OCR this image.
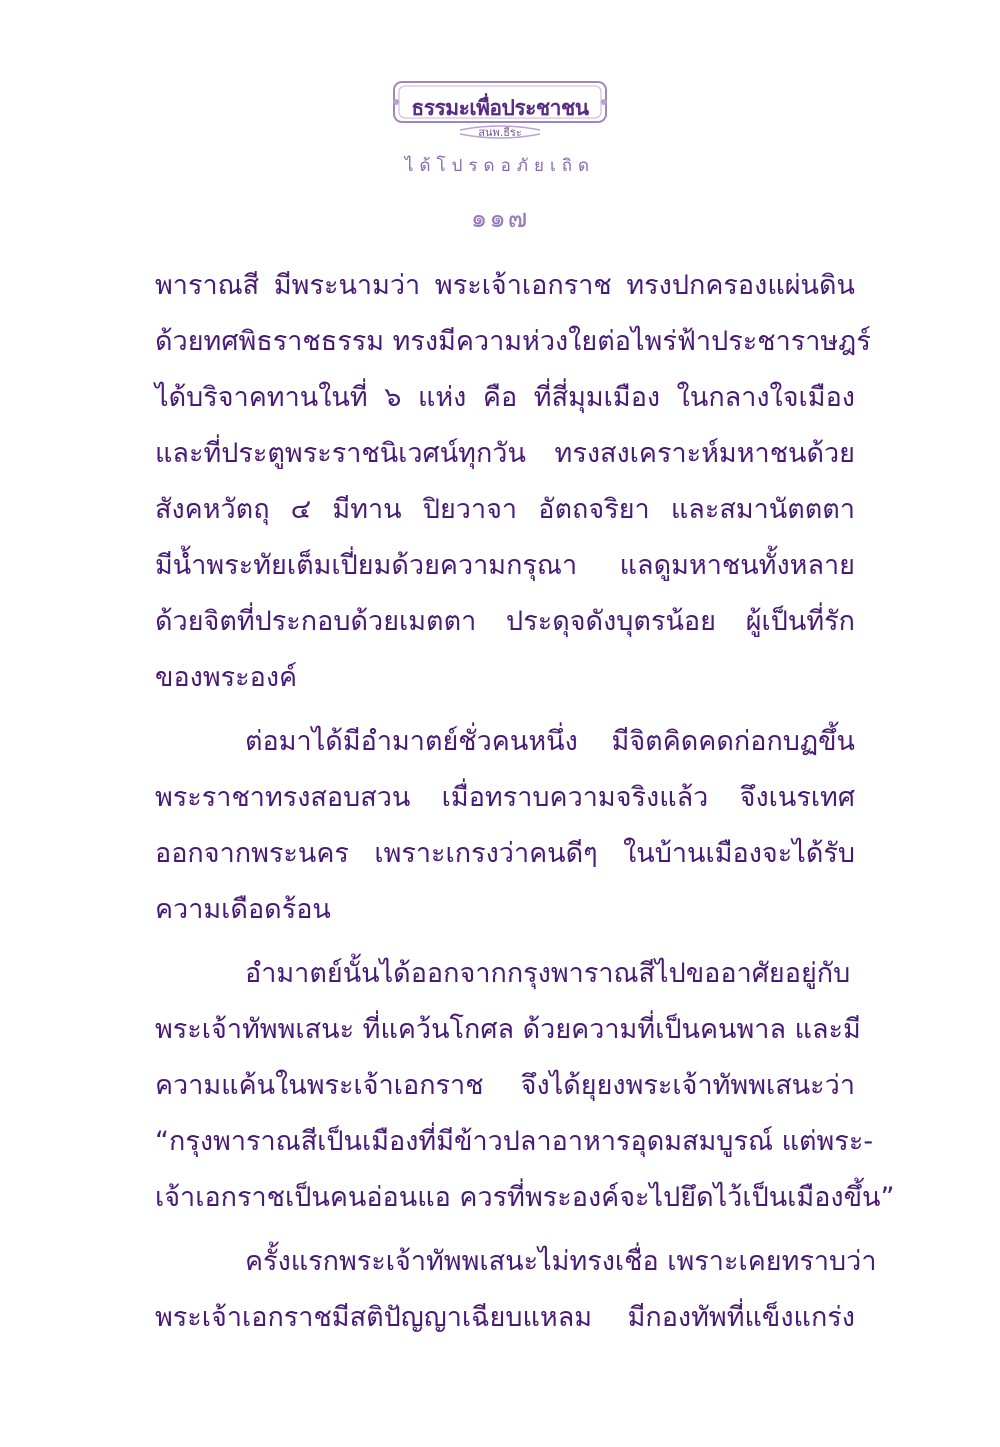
ธรรมะเพื่อประชาชน
สนพ.ธีระ
ได้โปรดอภัยเถิด
๑๑๗
พาราณสี มีพระนามว่า พระเจ้าเอกราช ทรงปกครองแผ่นดิน
ด้วยทศพิธราชธรรม ทรงมีความห่วงใยต่อไพร่ฟ้าประชาราษฎร์
ได้บริจาคทานในที่ ๖ แห่ง คือ ที่สี่มุมเมือง ในกลางใจเมือง
และที่ประตูพระราชนิเวศน์ทุกวัน ทรงสงเคราะห์มหาชนด้วย
สังคหวัตถุ ๔ มีทาน ปิยวาจา อัตถจริยา และสมานัตตตา
มีน้ำพระทัยเต็มเปี่ยมด้วยความกรุณา แลดูมหาชนทั้งหลาย
ด้วยจิตที่ประกอบด้วยเมตตา ประดุจดังบุตรน้อย ผู้เป็นที่รัก
ของพระองค์
ต่อมาได้มีอำมาตย์ชั่วคนหนึ่ง มีจิตคิดคดก่อกบฏขึ้น
พระราชาทรงสอบสวน เมื่อทราบความจริงแล้ว จึงเนรเทศ
ออกจากพระนคร เพราะเกรงว่าคนดีๆ ในบ้านเมืองจะได้รับ
ความเดือดร้อน
อำมาตย์นั้นได้ออกจากกรุงพาราณสีไปขออาศัยอยู่กับ
พระเจ้าทัพพเสนะ ที่แคว้นโกศล ด้วยความที่เป็นคนพาล และมี
ความแค้นในพระเจ้าเอกราช จึงได้ยุยงพระเจ้าทัพพเสนะว่า
“กรุงพาราณสีเป็นเมืองที่มีข้าวปลาอาหารอุดมสมบูรณ์ แต่พระ-
เจ้าเอกราชเป็นคนอ่อนแอ ควรที่พระองค์จะไปยึดไว้เป็นเมืองขึ้น”
ครั้งแรกพระเจ้าทัพพเสนะไม่ทรงเชื่อ เพราะเคยทราบว่า
พระเจ้าเอกราชมีสติปัญญาเฉียบแหลม มีกองทัพที่แข็งแกร่ง
